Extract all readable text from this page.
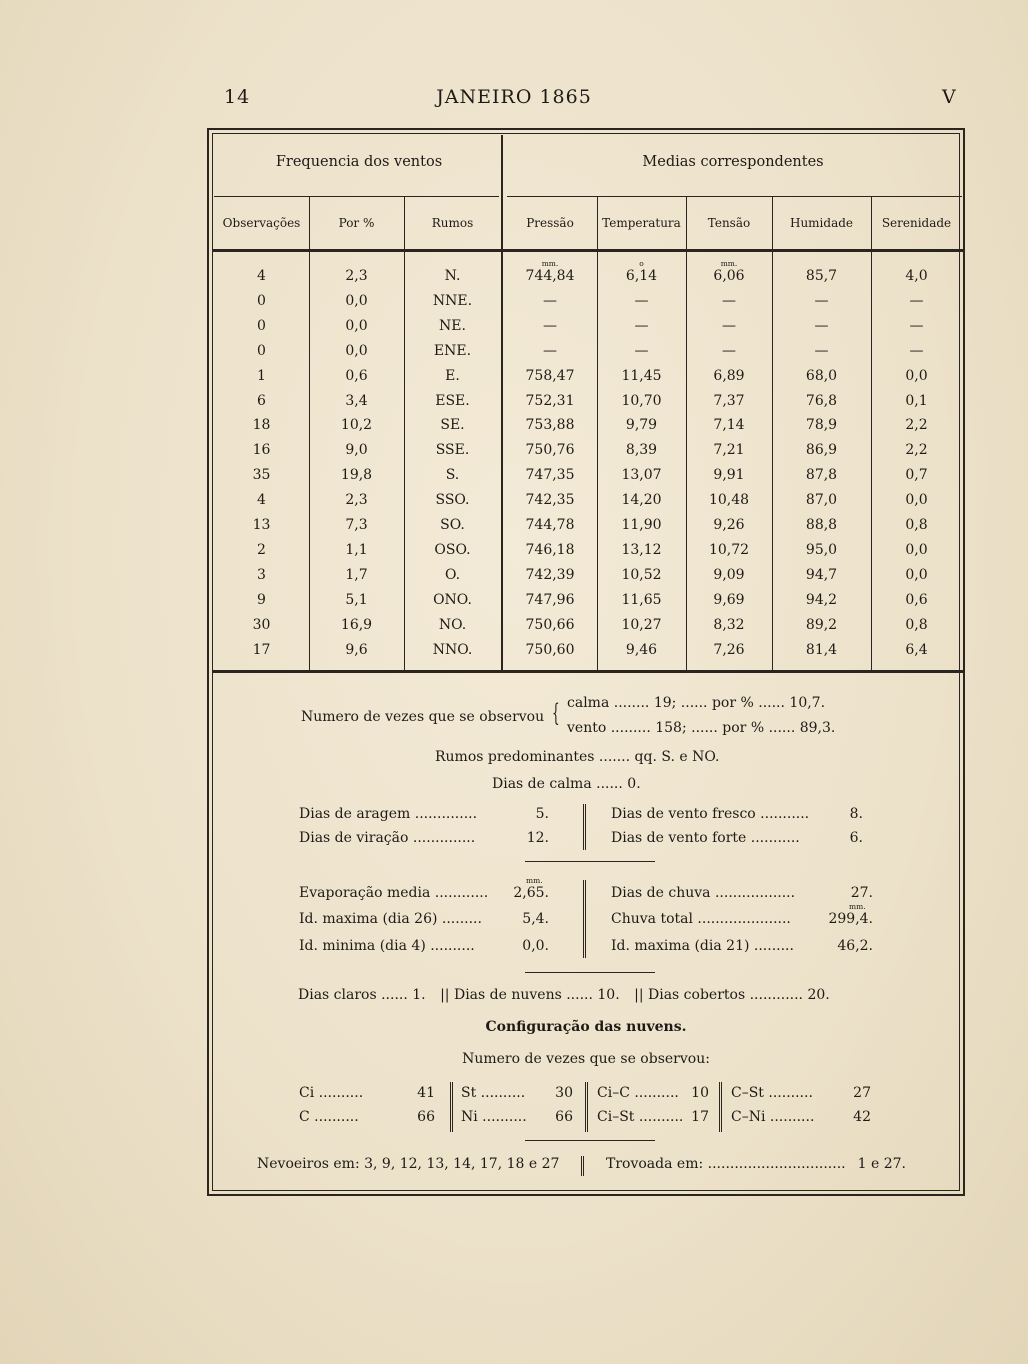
14	JANEIRO 1865	V
Frequencia dos ventos	Medias correspondentes
Observações	Por %	Rumos	Pressão	Temperatura	Tensão	Humidade	Serenidade
mm.	o	mm.
4	2,3	N.	744,84	6,14	6,06	85,7	4,0
0	0,0	NNE.	—	—	—	—	—
0	0,0	NE.	—	—	—	—	—
0	0,0	ENE.	—	—	—	—	—
1	0,6	E.	758,47	11,45	6,89	68,0	0,0
6	3,4	ESE.	752,31	10,70	7,37	76,8	0,1
18	10,2	SE.	753,88	9,79	7,14	78,9	2,2
16	9,0	SSE.	750,76	8,39	7,21	86,9	2,2
35	19,8	S.	747,35	13,07	9,91	87,8	0,7
4	2,3	SSO.	742,35	14,20	10,48	87,0	0,0
13	7,3	SO.	744,78	11,90	9,26	88,8	0,8
2	1,1	OSO.	746,18	13,12	10,72	95,0	0,0
3	1,7	O.	742,39	10,52	9,09	94,7	0,0
9	5,1	ONO.	747,96	11,65	9,69	94,2	0,6
30	16,9	NO.	750,66	10,27	8,32	89,2	0,8
17	9,6	NNO.	750,60	9,46	7,26	81,4	6,4
Numero de vezes que se observou { calma ........ 19; ...... por % ...... 10,7.
vento ......... 158; ...... por % ...... 89,3.
Rumos predominantes ....... qq. S. e NO.
Dias de calma ...... 0.
Dias de aragem ..............	5.
Dias de viração ..............	12.
Dias de vento fresco ...........	8.
Dias de vento forte ...........	6.
mm.
Evaporação media ............ 2,65.
Id. maxima (dia 26) .........	5,4.
Id. minima (dia 4) ..........	0,0.
Dias de chuva ..................	27.
mm.
Chuva total .....................	299,4.
Id. maxima (dia 21) .........	46,2.
Dias claros ...... 1. || Dias de nuvens ...... 10. || Dias cobertos ............ 20.
Configuração das nuvens.
Numero de vezes que se observou:
Ci ..........	41 St .......... 30 Ci–C .......... 10 C–St ..........	27
C ..........	66 Ni .......... 66 Ci–St .......... 17 C–Ni ..........	42
Nevoeiros em: 3, 9, 12, 13, 14, 17, 18 e 27	Trovoada em: ............................... 1 e 27.
